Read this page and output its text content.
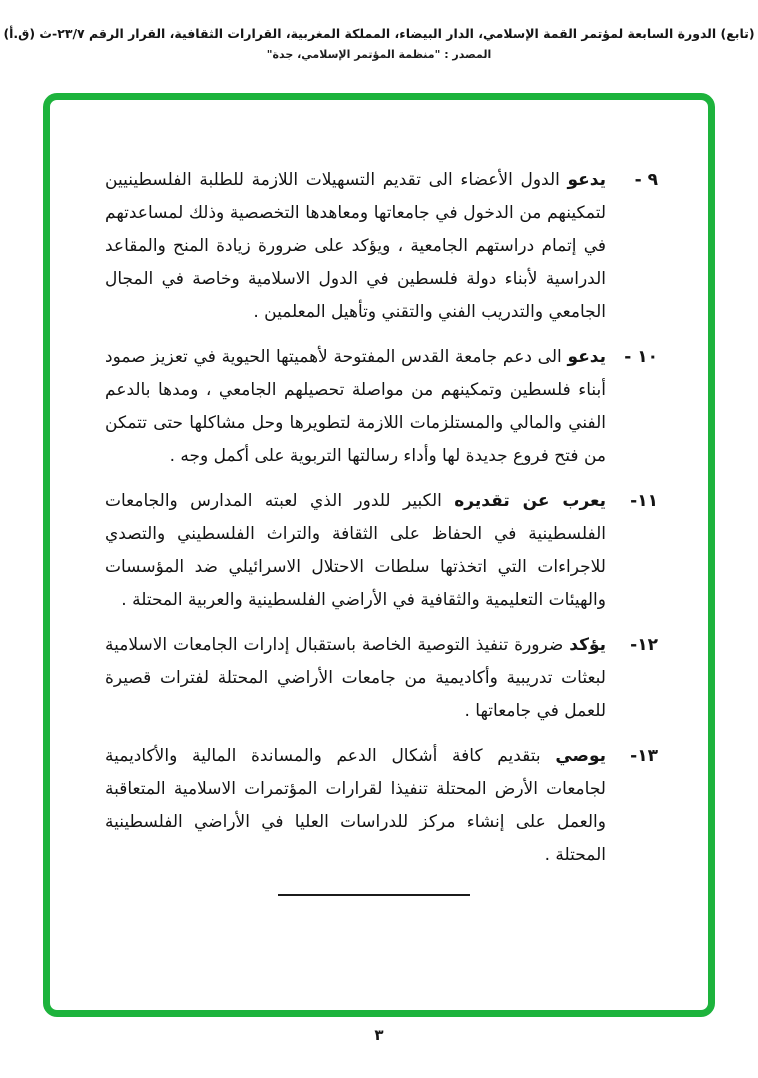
(تابع) الدورة السابعة لمؤتمر القمة الإسلامي، الدار البيضاء، المملكة المغربية، القرارات الثقافية، القرار الرقم ٢٣/٧-ث (ق.أ)
المصدر : "منظمة المؤتمر الإسلامي، جدة"
٩ -
يدعو الدول الأعضاء الى تقديم التسهيلات اللازمة للطلبة الفلسطينيين لتمكينهم من الدخول في جامعاتها ومعاهدها التخصصية وذلك لمساعدتهم في إتمام دراستهم الجامعية ، ويؤكد على ضرورة زيادة المنح والمقاعد الدراسية لأبناء دولة فلسطين في الدول الاسلامية وخاصة في المجال الجامعي والتدريب الفني والتقني وتأهيل المعلمين .
١٠ -
يدعو الى دعم جامعة القدس المفتوحة لأهميتها الحيوية في تعزيز صمود أبناء فلسطين وتمكينهم من مواصلة تحصيلهم الجامعي ، ومدها بالدعم الفني والمالي والمستلزمات اللازمة لتطويرها وحل مشاكلها حتى تتمكن من فتح فروع جديدة لها وأداء رسالتها التربوية على أكمل وجه .
١١-
يعرب عن تقديره الكبير للدور الذي لعبته المدارس والجامعات الفلسطينية في الحفاظ على الثقافة والتراث الفلسطيني والتصدي للاجراءات التي اتخذتها سلطات الاحتلال الاسرائيلي ضد المؤسسات والهيئات التعليمية والثقافية في الأراضي الفلسطينية والعربية المحتلة .
١٢-
يؤكد ضرورة تنفيذ التوصية الخاصة باستقبال إدارات الجامعات الاسلامية لبعثات تدريبية وأكاديمية من جامعات الأراضي المحتلة لفترات قصيرة للعمل في جامعاتها .
١٣-
يوصي بتقديم كافة أشكال الدعم والمساندة المالية والأكاديمية لجامعات الأرض المحتلة تنفيذا لقرارات المؤتمرات الاسلامية المتعاقبة والعمل على إنشاء مركز للدراسات العليا في الأراضي الفلسطينية المحتلة .
٣
